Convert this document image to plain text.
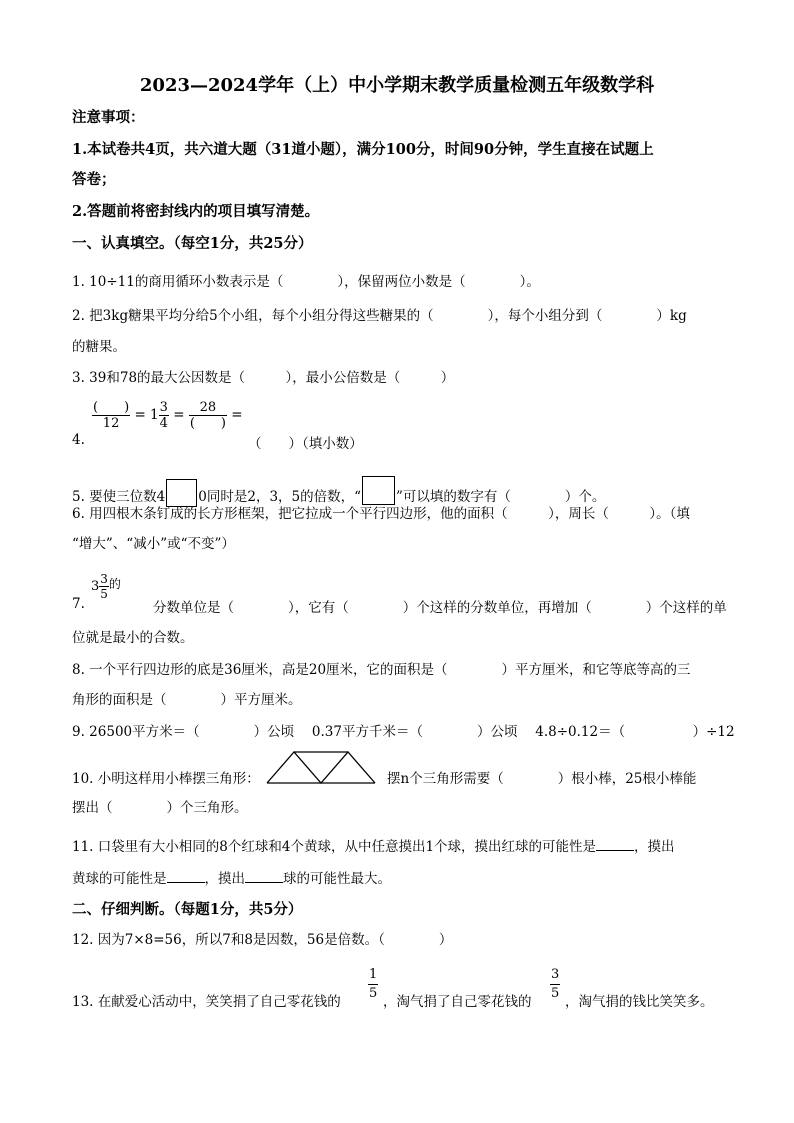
2023—2024学年（上）中小学期末教学质量检测五年级数学科
注意事项：
1.本试卷共4页，共六道大题（31道小题），满分100分，时间90分钟，学生直接在试题上
答卷；
2.答题前将密封线内的项目填写清楚。
一、认真填空。（每空1分，共25分）
1. 10÷11的商用循环小数表示是（　　　　），保留两位小数是（　　　　）。
2. 把3kg糖果平均分给5个小组，每个小组分得这些糖果的（　　　　），每个小组分到（　　　　）kg
的糖果。
3. 39和78的最大公因数是（　　　），最小公倍数是（　　　）
4.
$\frac{( )}{12} = 1 \frac{3}{4} = \frac{28}{( )}$ =
（　　）（填小数）
5. 要使三位数4 0同时是2，3，5的倍数，“	”可以填的数字有（　　　　）个。
6. 用四根木条钉成的长方形框架，把它拉成一个平行四边形，他的面积（　　　），周长（　　　）。（填
“增大”、“减小”或“不变”）
$3 \frac{3}{5}$ 的
7.	分数单位是（　　　　），它有（　　　　）个这样的分数单位，再增加（　　　　）个这样的单
位就是最小的合数。
8. 一个平行四边形的底是36厘米，高是20厘米，它的面积是（　　　　）平方厘米，和它等底等高的三
角形的面积是（　　　　）平方厘米。
9. 26500平方米＝（　　　　）公顷　 0.37平方千米＝（　　　　）公顷　 4.8÷0.12＝（　　　　　）÷12
10. 小明这样用小棒摆三角形：	摆n个三角形需要（　　　　）根小棒，25根小棒能
摆出（　　　　）个三角形。
11. 口袋里有大小相同的8个红球和4个黄球，从中任意摸出1个球，摸出红球的可能性是	，摸出
黄球的可能性是	，摸出	球的可能性最大。
二、仔细判断。（每题1分，共5分）
12. 因为7×8=56，所以7和8是因数，56是倍数。（　　　　）
13. 在献爱心活动中，笑笑捐了自己零花钱的 $\frac{1}{5}$ ，淘气捐了自己零花钱的 $\frac{3}{5}$ ，淘气捐的钱比笑笑多。
